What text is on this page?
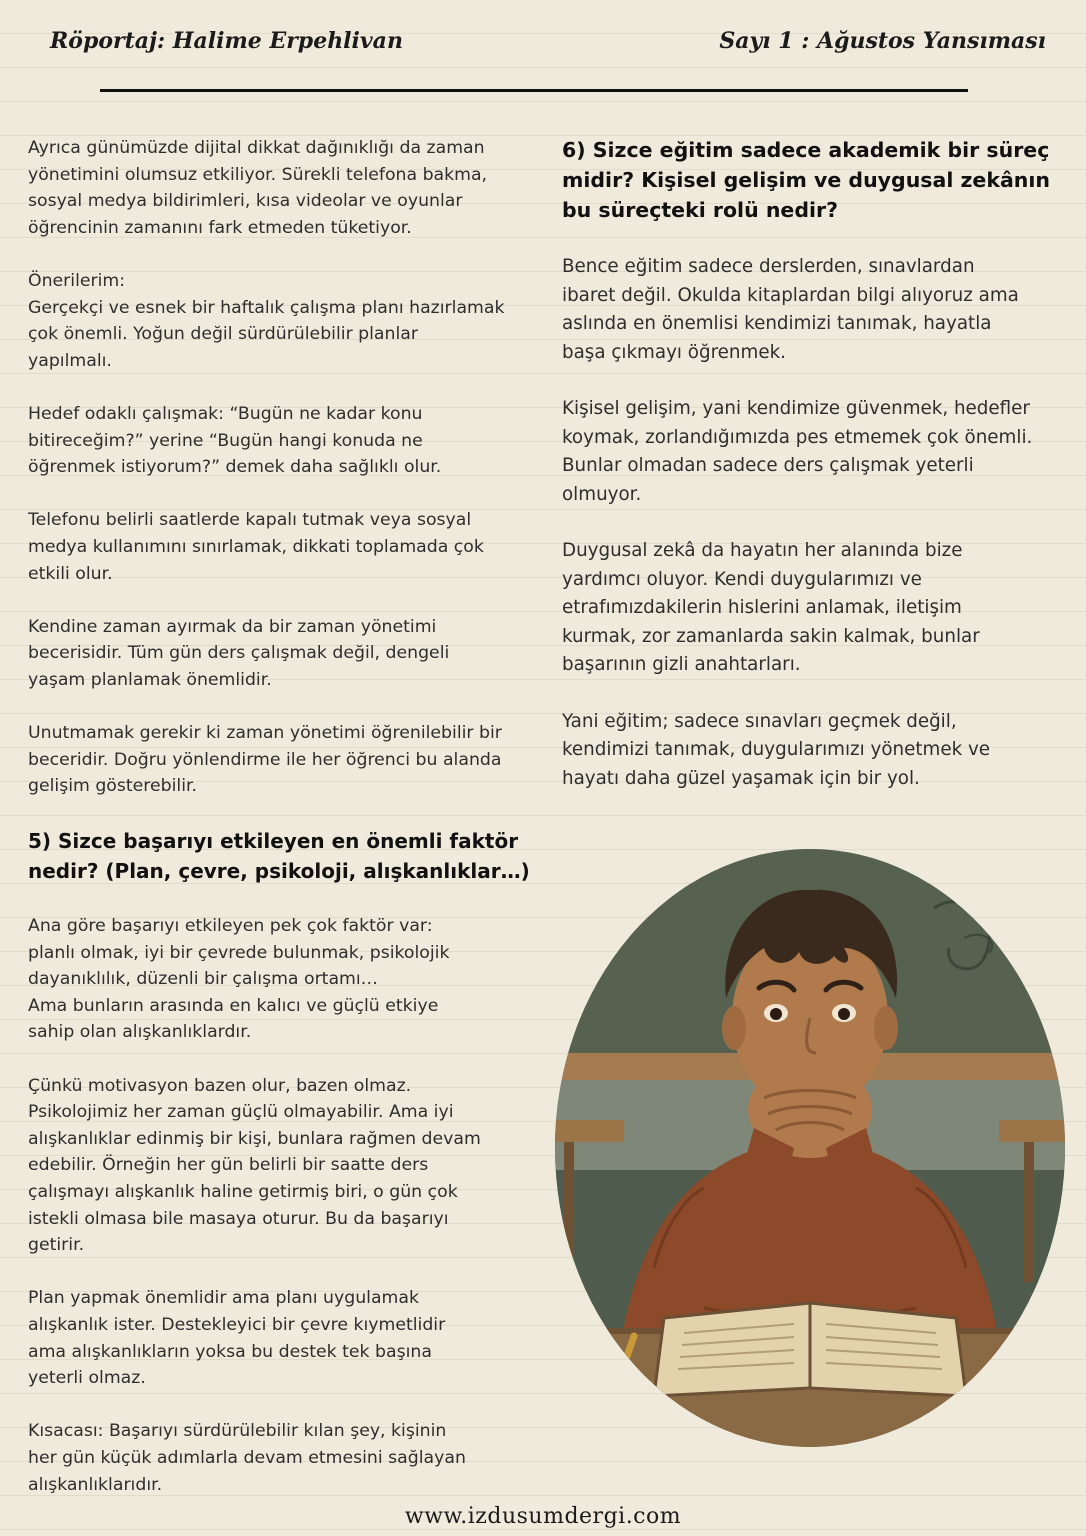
Röportaj: Halime Erpehlivan	Sayı 1 : Ağustos Yansıması

Ayrıca günümüzde dijital dikkat dağınıklığı da zaman
yönetimini olumsuz etkiliyor. Sürekli telefona bakma,
sosyal medya bildirimleri, kısa videolar ve oyunlar
öğrencinin zamanını fark etmeden tüketiyor.

Önerilerim:
Gerçekçi ve esnek bir haftalık çalışma planı hazırlamak
çok önemli. Yoğun değil sürdürülebilir planlar
yapılmalı.

Hedef odaklı çalışmak: “Bugün ne kadar konu
bitireceğim?” yerine “Bugün hangi konuda ne
öğrenmek istiyorum?” demek daha sağlıklı olur.

Telefonu belirli saatlerde kapalı tutmak veya sosyal
medya kullanımını sınırlamak, dikkati toplamada çok
etkili olur.

Kendine zaman ayırmak da bir zaman yönetimi
becerisidir. Tüm gün ders çalışmak değil, dengeli
yaşam planlamak önemlidir.

Unutmamak gerekir ki zaman yönetimi öğrenilebilir bir
beceridir. Doğru yönlendirme ile her öğrenci bu alanda
gelişim gösterebilir.

5) Sizce başarıyı etkileyen en önemli faktör
nedir? (Plan, çevre, psikoloji, alışkanlıklar…)

Ana göre başarıyı etkileyen pek çok faktör var:
planlı olmak, iyi bir çevrede bulunmak, psikolojik
dayanıklılık, düzenli bir çalışma ortamı…
Ama bunların arasında en kalıcı ve güçlü etkiye
sahip olan alışkanlıklardır.

Çünkü motivasyon bazen olur, bazen olmaz.
Psikolojimiz her zaman güçlü olmayabilir. Ama iyi
alışkanlıklar edinmiş bir kişi, bunlara rağmen devam
edebilir. Örneğin her gün belirli bir saatte ders
çalışmayı alışkanlık haline getirmiş biri, o gün çok
istekli olmasa bile masaya oturur. Bu da başarıyı
getirir.

Plan yapmak önemlidir ama planı uygulamak
alışkanlık ister. Destekleyici bir çevre kıymetlidir
ama alışkanlıkların yoksa bu destek tek başına
yeterli olmaz.

Kısacası: Başarıyı sürdürülebilir kılan şey, kişinin
her gün küçük adımlarla devam etmesini sağlayan
alışkanlıklarıdır.

6) Sizce eğitim sadece akademik bir süreç
midir? Kişisel gelişim ve duygusal zekânın
bu süreçteki rolü nedir?

Bence eğitim sadece derslerden, sınavlardan
ibaret değil. Okulda kitaplardan bilgi alıyoruz ama
aslında en önemlisi kendimizi tanımak, hayatla
başa çıkmayı öğrenmek.

Kişisel gelişim, yani kendimize güvenmek, hedefler
koymak, zorlandığımızda pes etmemek çok önemli.
Bunlar olmadan sadece ders çalışmak yeterli
olmuyor.

Duygusal zekâ da hayatın her alanında bize
yardımcı oluyor. Kendi duygularımızı ve
etrafımızdakilerin hislerini anlamak, iletişim
kurmak, zor zamanlarda sakin kalmak, bunlar
başarının gizli anahtarları.

Yani eğitim; sadece sınavları geçmek değil,
kendimizi tanımak, duygularımızı yönetmek ve
hayatı daha güzel yaşamak için bir yol.

www.izdusumdergi.com
